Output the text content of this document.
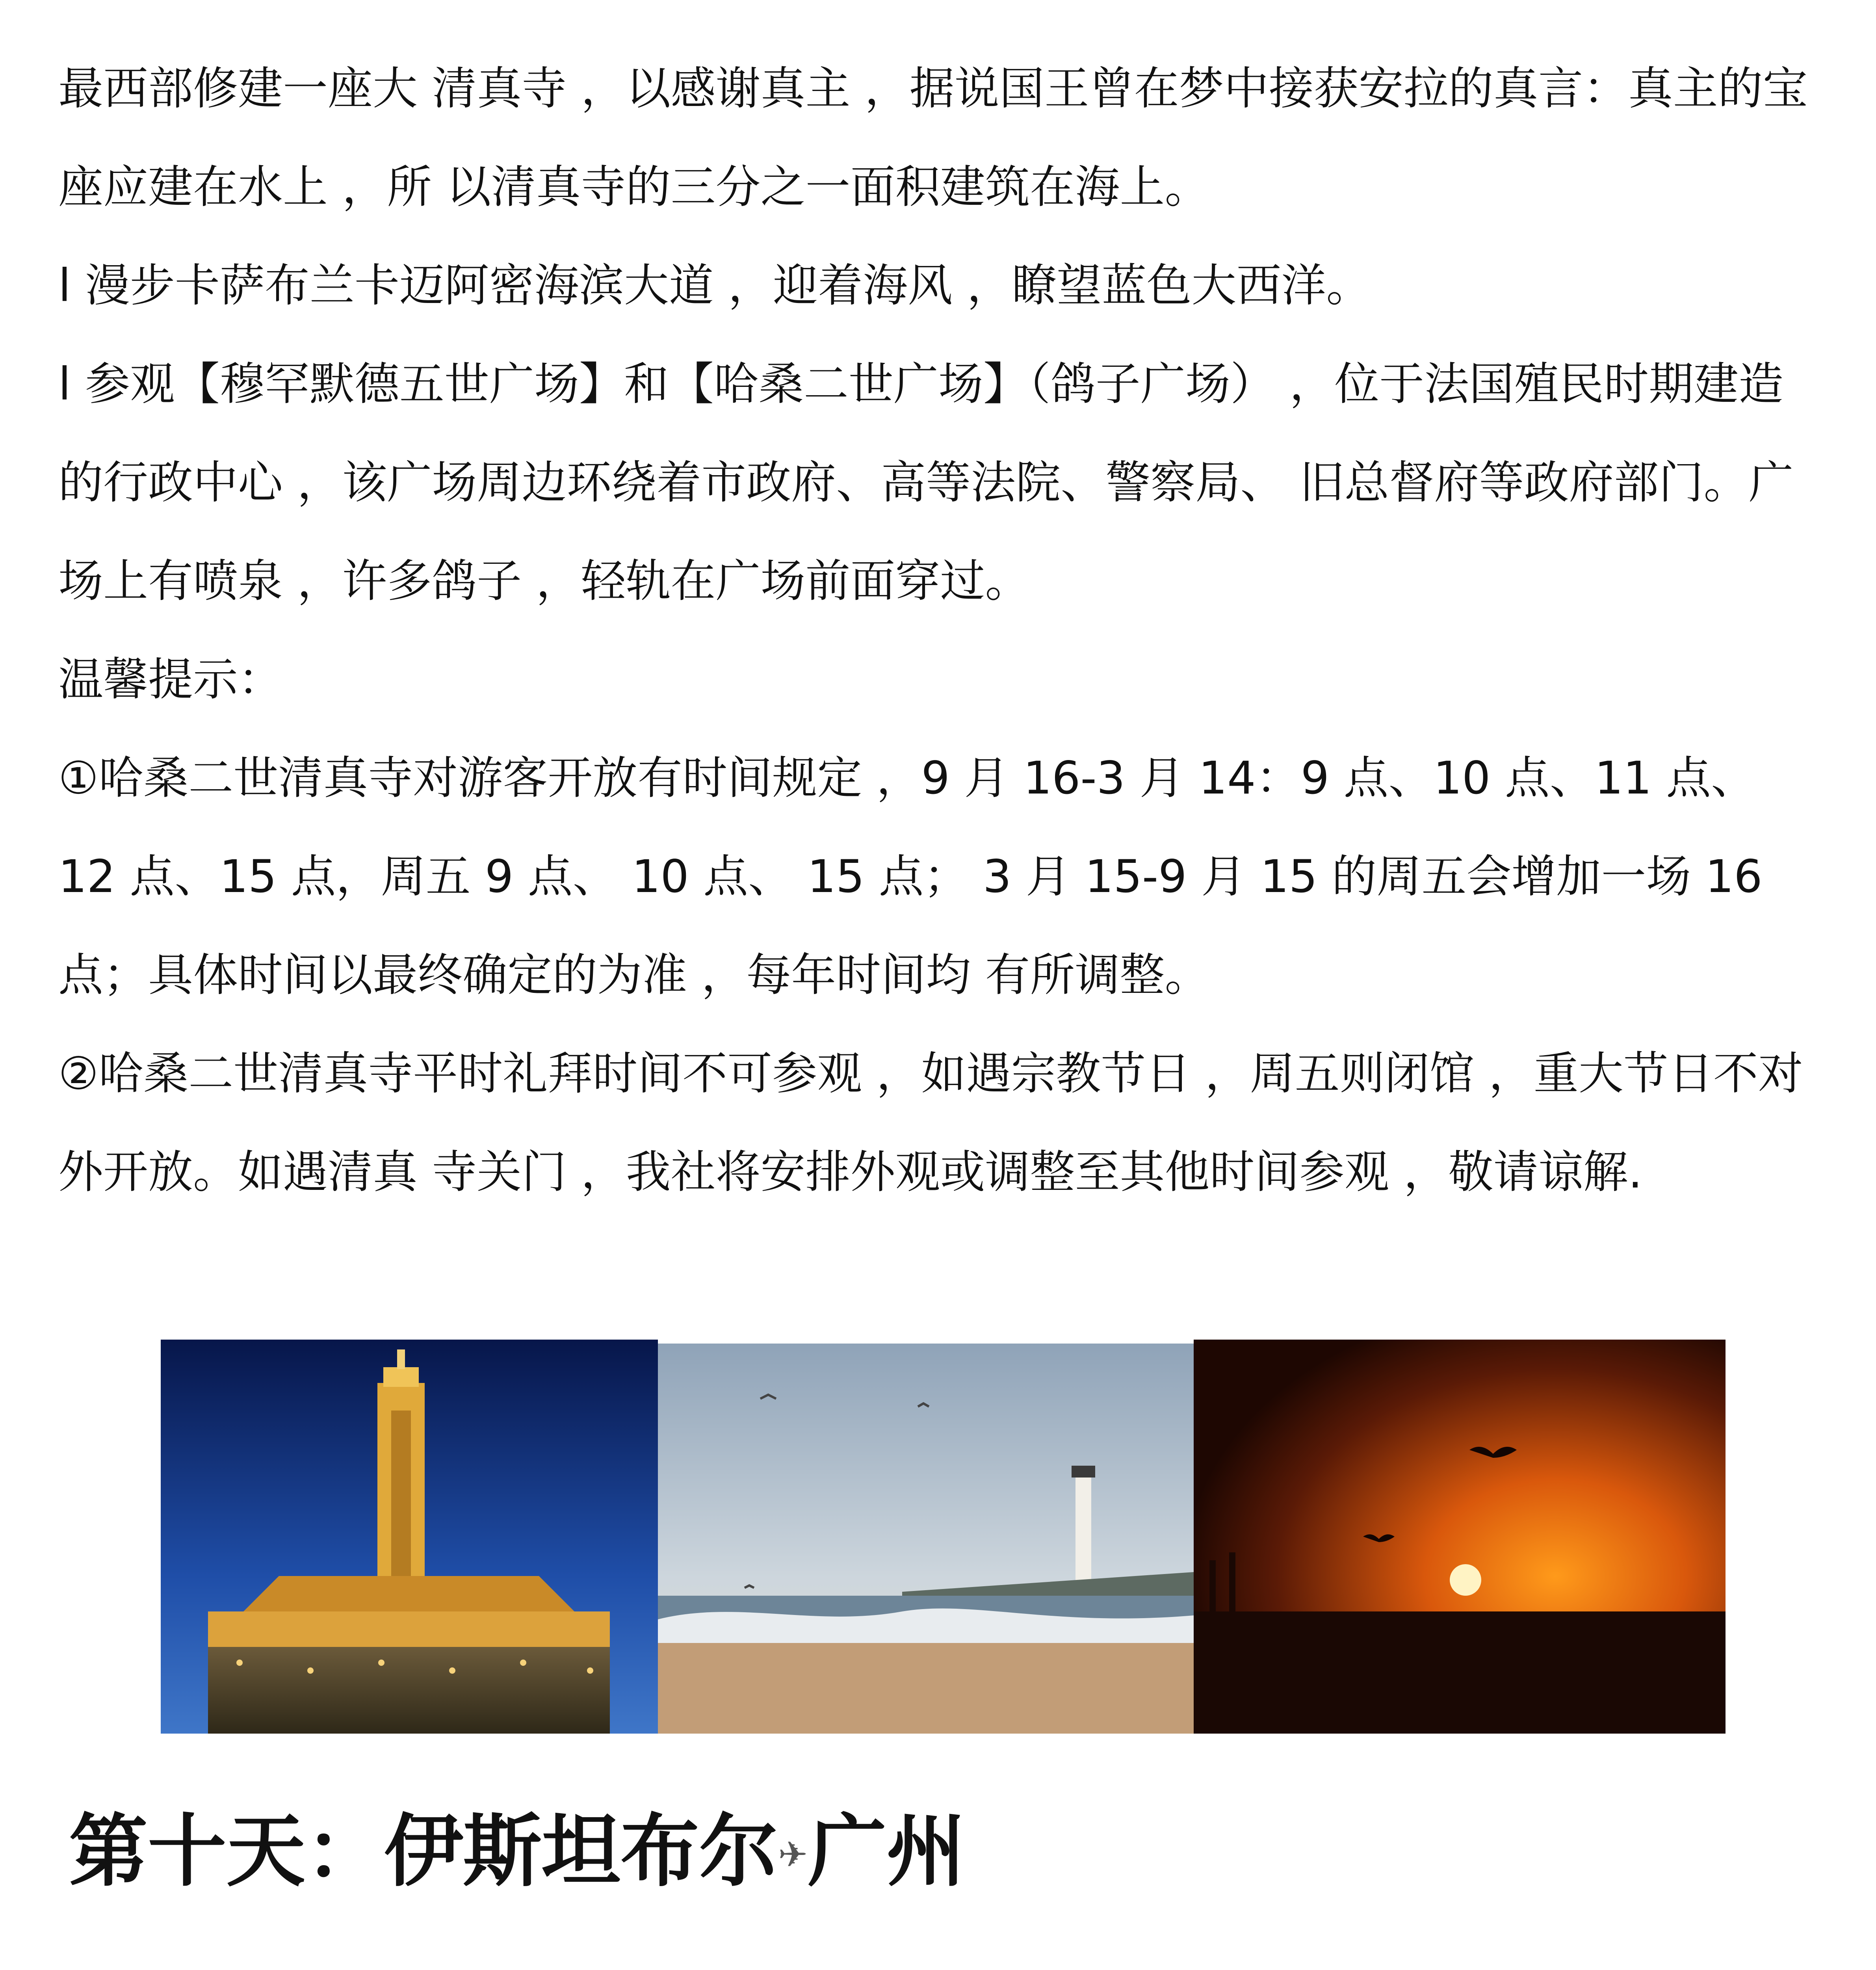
最西部修建一座大 清真寺 ，以感谢真主 ，据说国王曾在梦中接获安拉的真言：真主的宝座应建在水上 ，所 以清真寺的三分之一面积建筑在海上。

l 漫步卡萨布兰卡迈阿密海滨大道 ，迎着海风 ，瞭望蓝色大西洋。

l 参观【穆罕默德五世广场】和【哈桑二世广场】（鸽子广场） ，位于法国殖民时期建造 的行政中心 ，该广场周边环绕着市政府、高等法院、警察局、 旧总督府等政府部门。广 场上有喷泉 ，许多鸽子 ，轻轨在广场前面穿过。

温馨提示：

①哈桑二世清真寺对游客开放有时间规定 ，9 月 16-3 月 14：9 点、10 点、11 点、 12 点、15 点，周五 9 点、 10 点、 15 点； 3 月 15-9 月 15 的周五会增加一场 16 点；具体时间以最终确定的为准 ，每年时间均 有所调整。

②哈桑二世清真寺平时礼拜时间不可参观 ，如遇宗教节日 ，周五则闭馆 ，重大节日不对外开放。如遇清真 寺关门 ，我社将安排外观或调整至其他时间参观 ，敬请谅解.

第十天：伊斯坦布尔✈广州
